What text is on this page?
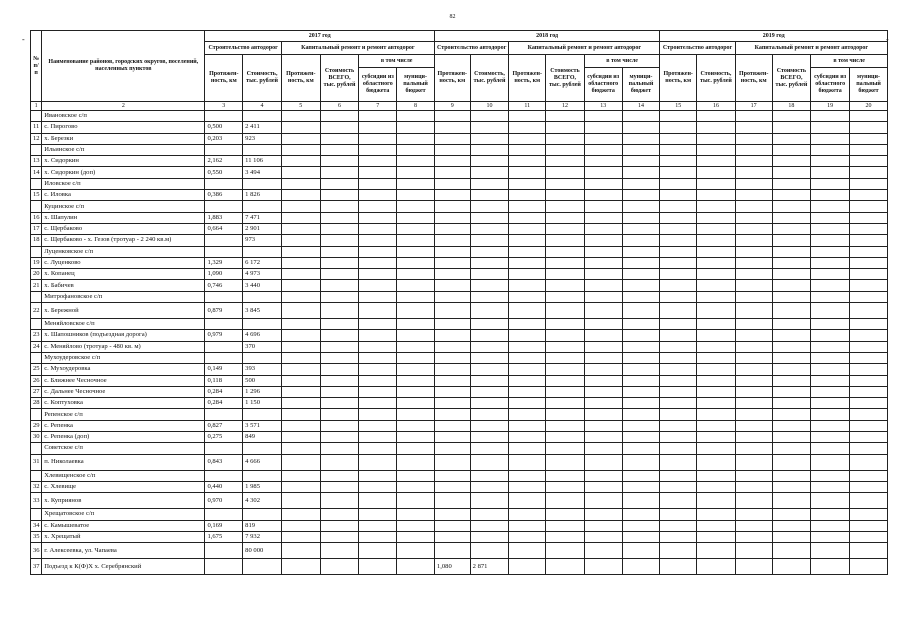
82
-	-
№ п/п	Наименование районов, городских округов, поселений, населенных пунктов	2017 год						2018 год						2019 год					
		Строительство автодорог		Капитальный ремонт и ремонт автодорог				Строительство автодорог		Капитальный ремонт и ремонт автодорог				Строительство автодорог		Капитальный ремонт и ремонт автодорог			
		Протяжен-ность, км	Стоимость, тыс. рублей	Протяжен-ность, км	Стоимость ВСЕГО, тыс. рублей	в том числе		Протяжен-ность, км	Стоимость, тыс. рублей	Протяжен-ность, км	Стоимость ВСЕГО, тыс. рублей	в том числе		Протяжен-ность, км	Стоимость, тыс. рублей	Протяжен-ность, км	Стоимость ВСЕГО, тыс. рублей	в том числе	
						субсидии из областного бюджета	муници-пальный бюджет					субсидии из областного бюджета	муници-пальный бюджет					субсидии из областного бюджета	муници-пальный бюджет
1	2	3	4	5	6	7	8	9	10	11	12	13	14	15	16	17	18	19	20
	Ивановское с/п																		
11	с. Пирогово	0,500	2 411																
12	х. Березки	0,203	923																
	Ильинское с/п																		
13	х. Сидоркин	2,162	11 106																
14	х. Сидоркин (доп)	0,550	3 494																
	Иловское с/п																		
15	с. Иловка	0,386	1 826																
	Куцинское с/п																		
16	х. Шапулин	1,883	7 471																
17	с. Щербаково	0,664	2 901																
18	с. Щербаково - х. Гезов (тротуар - 2 240 кв.м)		973																
	Луценковское с/п																		
19	с. Луценково	1,329	6 172																
20	х. Копанец	1,090	4 973																
21	х. Бабичев	0,746	3 440																
	Митрофановское с/п																		
22	х. Бережной	0,879	3 845																
	Меняйловское с/п																		
23	х. Шапошников (подъездная дорога)	0,979	4 696																
24	с. Меняйлово (тротуар - 480 кв. м)		370																
	Мухоудеровское с/п																		
25	с. Мухоудеровка	0,149	393																
26	с. Ближнее Чесночное	0,118	500																
27	с. Дальнее Чесночное	0,284	1 296																
28	с. Коптуховка	0,284	1 150																
	Репенское с/п																		
29	с. Репенка	0,827	3 571																
30	с. Репенка (доп)	0,275	849																
	Советское с/п																		
31	п. Николаевка	0,843	4 666																
	Хлевищенское с/п																		
32	с. Хлевище	0,440	1 985																
33	х. Куприянов	0,970	4 302																
	Хрещатовское с/п																		
34	с. Камышеватое	0,169	819																
35	х. Хрещатый	1,675	7 932																
36	г. Алексеевка, ул. Чапаева		80 000																
37	Подъезд к К(Ф)Х х. Серебрянский							1,080	2 871										
